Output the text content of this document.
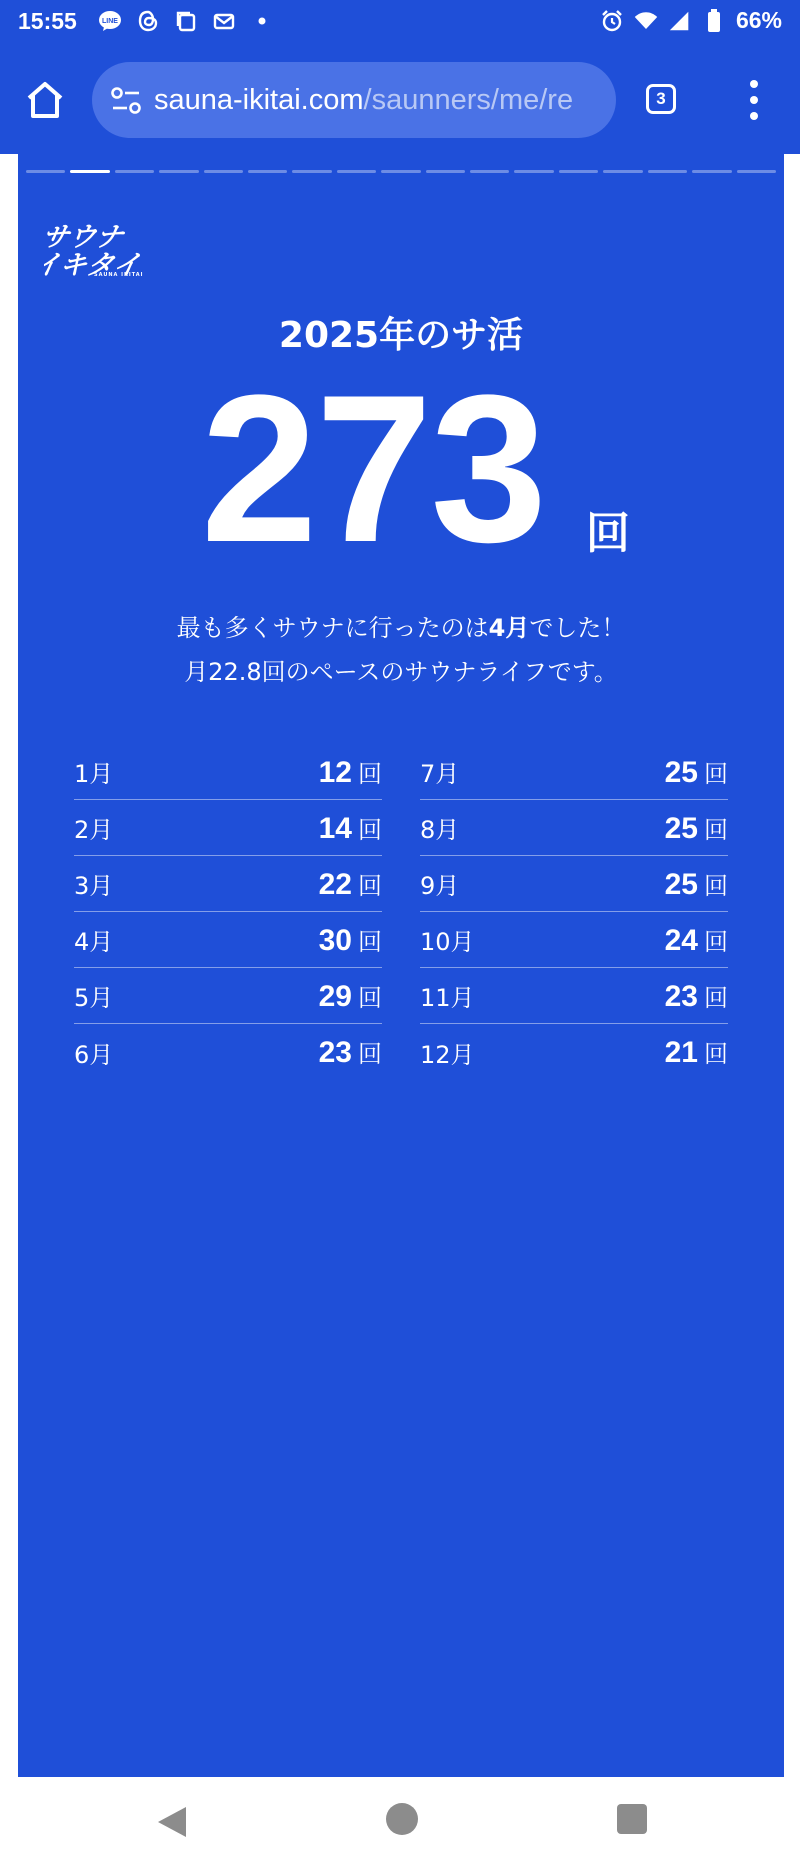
15:55	LINE	66%
sauna-ikitai.com/saunners/me/re	3
サウナ
イキタイ
SAUNA IKITAI
2025年のサ活
273 回
最も多くサウナに行ったのは4月でした！
月22.8回のペースのサウナライフです。
1月	12 回
2月	14 回
3月	22 回
4月	30 回
5月	29 回
6月	23 回
7月	25 回
8月	25 回
9月	25 回
10月	24 回
11月	23 回
12月	21 回
